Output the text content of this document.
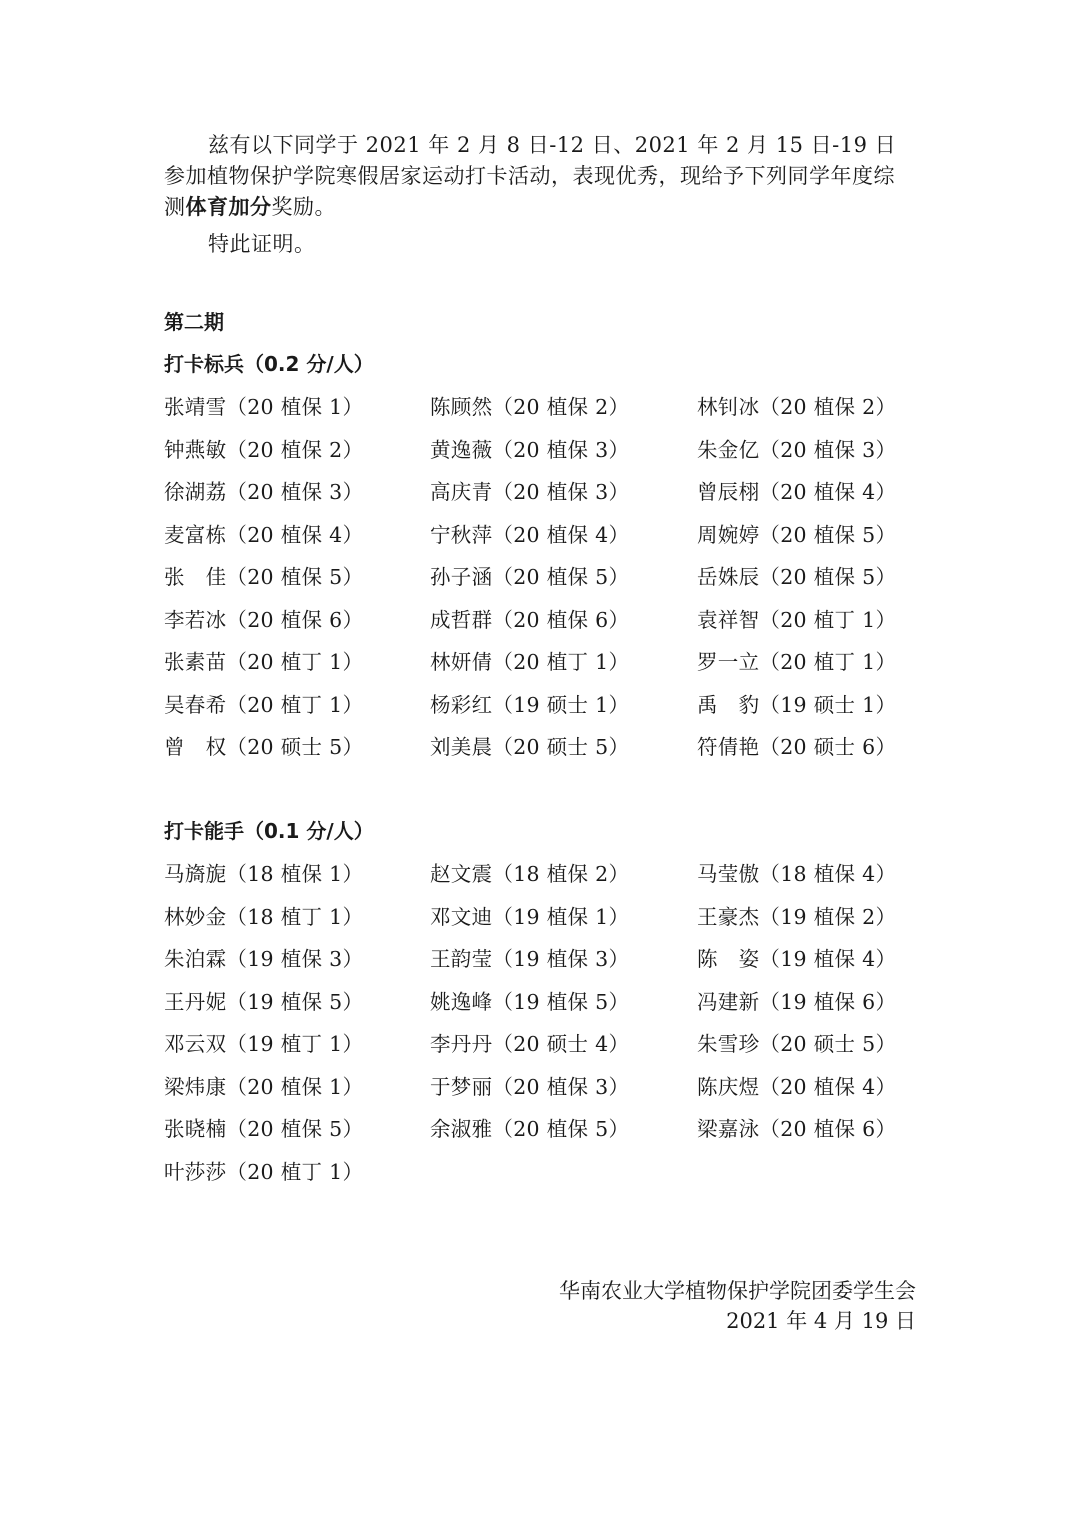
兹有以下同学于 2021 年 2 月 8 日-12 日、2021 年 2 月 15 日-19 日参加植物保护学院寒假居家运动打卡活动，表现优秀，现给予下列同学年度综测体育加分奖励。

特此证明。

第二期
打卡标兵（0.2 分/人）
张靖雪（20 植保 1）	陈顾然（20 植保 2）	林钊冰（20 植保 2）
钟燕敏（20 植保 2）	黄逸薇（20 植保 3）	朱金亿（20 植保 3）
徐湖荔（20 植保 3）	高庆青（20 植保 3）	曾辰栩（20 植保 4）
麦富栋（20 植保 4）	宁秋萍（20 植保 4）	周婉婷（20 植保 5）
张　佳（20 植保 5）	孙子涵（20 植保 5）	岳姝辰（20 植保 5）
李若冰（20 植保 6）	成哲群（20 植保 6）	袁祥智（20 植丁 1）
张素苗（20 植丁 1）	林妍倩（20 植丁 1）	罗一立（20 植丁 1）
吴春希（20 植丁 1）	杨彩红（19 硕士 1）	禹　豹（19 硕士 1）
曾　权（20 硕士 5）	刘美晨（20 硕士 5）	符倩艳（20 硕士 6）
打卡能手（0.1 分/人）
马旖旎（18 植保 1）	赵文震（18 植保 2）	马莹傲（18 植保 4）
林妙金（18 植丁 1）	邓文迪（19 植保 1）	王豪杰（19 植保 2）
朱泊霖（19 植保 3）	王韵莹（19 植保 3）	陈　姿（19 植保 4）
王丹妮（19 植保 5）	姚逸峰（19 植保 5）	冯建新（19 植保 6）
邓云双（19 植丁 1）	李丹丹（20 硕士 4）	朱雪珍（20 硕士 5）
梁炜康（20 植保 1）	于梦丽（20 植保 3）	陈庆煜（20 植保 4）
张晓楠（20 植保 5）	余淑雅（20 植保 5）	梁嘉泳（20 植保 6）
叶莎莎（20 植丁 1）
华南农业大学植物保护学院团委学生会
2021 年 4 月 19 日
